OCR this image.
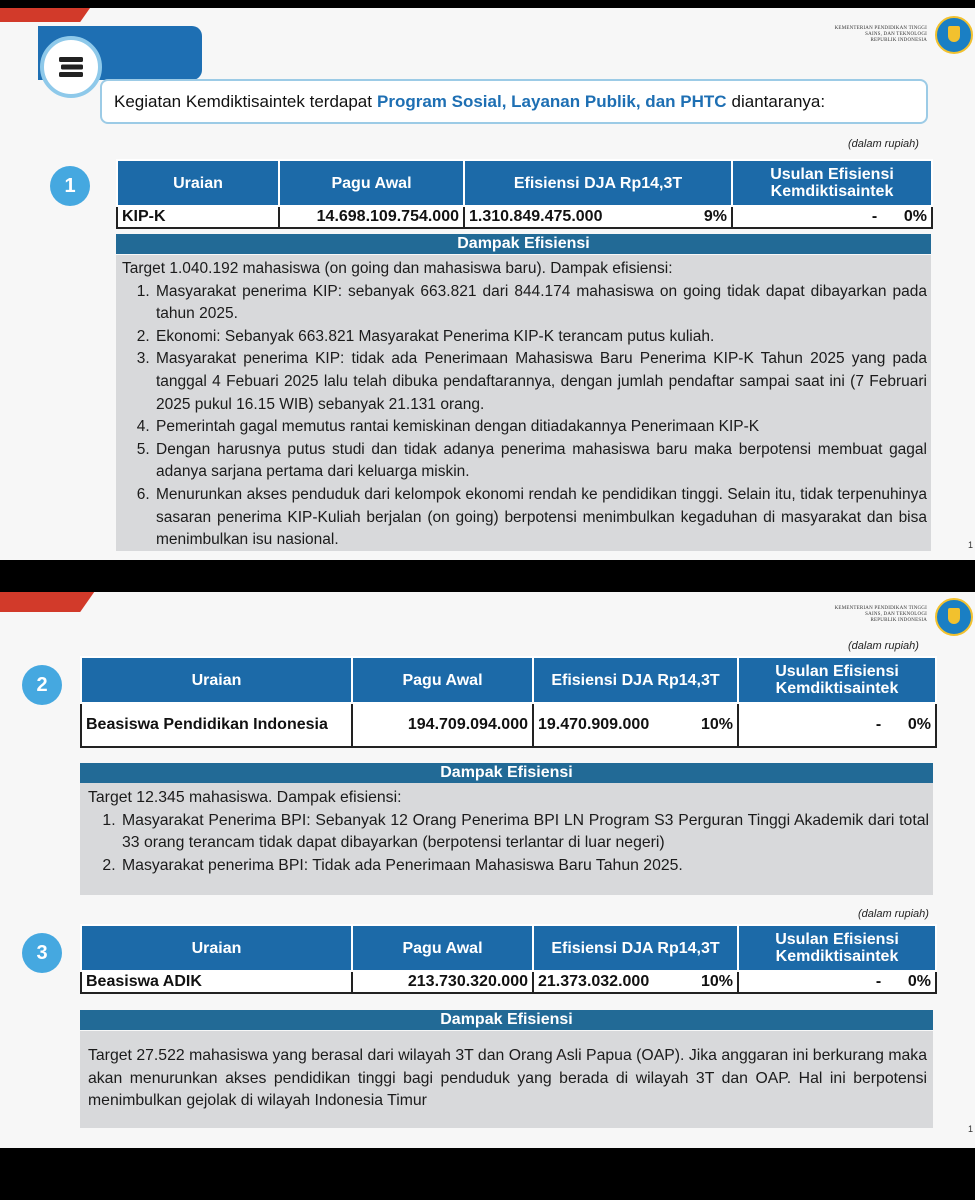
KEMENTERIAN PENDIDIKAN TINGGI
SAINS, DAN TEKNOLOGI
REPUBLIK INDONESIA
Kegiatan Kemdiktisaintek terdapat Program Sosial, Layanan Publik, dan PHTC diantaranya:
(dalam rupiah)
1	Uraian	Pagu Awal	Efisiensi DJA Rp14,3T	Usulan Efisiensi Kemdiktisaintek
KIP-K	14.698.109.754.000	1.310.849.475.000 9%	- 0%
Dampak Efisiensi
Target 1.040.192 mahasiswa (on going dan mahasiswa baru). Dampak efisiensi:
1. Masyarakat penerima KIP: sebanyak 663.821 dari 844.174 mahasiswa on going tidak dapat dibayarkan pada tahun 2025.
2. Ekonomi: Sebanyak 663.821 Masyarakat Penerima KIP-K terancam putus kuliah.
3. Masyarakat penerima KIP: tidak ada Penerimaan Mahasiswa Baru Penerima KIP-K Tahun 2025 yang pada tanggal 4 Febuari 2025 lalu telah dibuka pendaftarannya, dengan jumlah pendaftar sampai saat ini (7 Februari 2025 pukul 16.15 WIB) sebanyak 21.131 orang.
4. Pemerintah gagal memutus rantai kemiskinan dengan ditiadakannya Penerimaan KIP-K
5. Dengan harusnya putus studi dan tidak adanya penerima mahasiswa baru maka berpotensi membuat gagal adanya sarjana pertama dari keluarga miskin.
6. Menurunkan akses penduduk dari kelompok ekonomi rendah ke pendidikan tinggi. Selain itu, tidak terpenuhinya sasaran penerima KIP-Kuliah berjalan (on going) berpotensi menimbulkan kegaduhan di masyarakat dan bisa menimbulkan isu nasional.	1
KEMENTERIAN PENDIDIKAN TINGGI
SAINS, DAN TEKNOLOGI
REPUBLIK INDONESIA
(dalam rupiah)
2	Uraian	Pagu Awal	Efisiensi DJA Rp14,3T	Usulan Efisiensi Kemdiktisaintek
Beasiswa Pendidikan Indonesia	194.709.094.000	19.470.909.000 10%	- 0%
Dampak Efisiensi
Target 12.345 mahasiswa. Dampak efisiensi:
1. Masyarakat Penerima BPI: Sebanyak 12 Orang Penerima BPI LN Program S3 Perguran Tinggi Akademik dari total 33 orang terancam tidak dapat dibayarkan (berpotensi terlantar di luar negeri)
2. Masyarakat penerima BPI: Tidak ada Penerimaan Mahasiswa Baru Tahun 2025.
(dalam rupiah)
3	Uraian	Pagu Awal	Efisiensi DJA Rp14,3T	Usulan Efisiensi Kemdiktisaintek
Beasiswa ADIK	213.730.320.000	21.373.032.000 10%	- 0%
Dampak Efisiensi
Target 27.522 mahasiswa yang berasal dari wilayah 3T dan Orang Asli Papua (OAP). Jika anggaran ini berkurang maka akan menurunkan akses pendidikan tinggi bagi penduduk yang berada di wilayah 3T dan OAP. Hal ini berpotensi menimbulkan gejolak di wilayah Indonesia Timur
1
